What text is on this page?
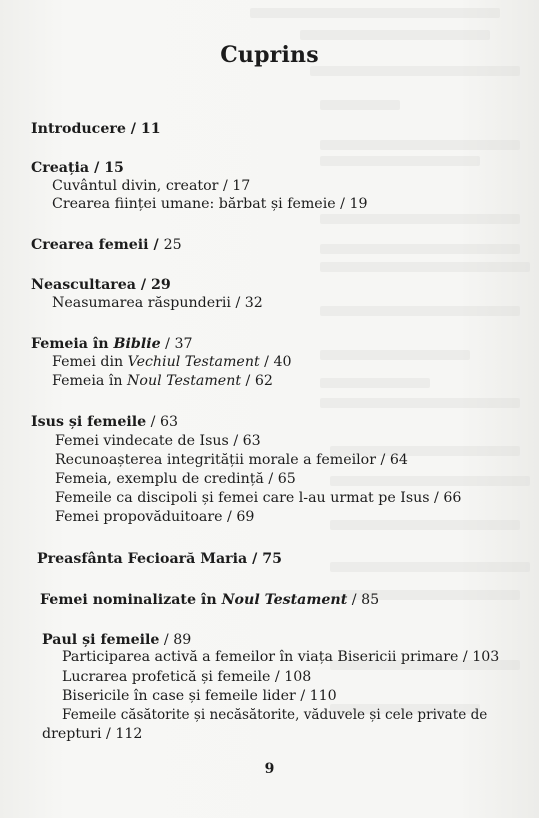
Cuprins
Introducere / 11
Creația / 15
Cuvântul divin, creator / 17
Crearea ființei umane: bărbat și femeie / 19
Crearea femeii / 25
Neascultarea / 29
Neasumarea răspunderii / 32
Femeia în Biblie / 37
Femei din Vechiul Testament / 40
Femeia în Noul Testament / 62
Isus și femeile / 63
Femei vindecate de Isus / 63
Recunoașterea integrității morale a femeilor / 64
Femeia, exemplu de credință / 65
Femeile ca discipoli și femei care l-au urmat pe Isus / 66
Femei propovăduitoare / 69
Preasfânta Fecioară Maria / 75
Femei nominalizate în Noul Testament / 85
Paul și femeile / 89
Participarea activă a femeilor în viața Bisericii primare / 103
Lucrarea profetică și femeile / 108
Bisericile în case și femeile lider / 110
Femeile căsătorite și necăsătorite, văduvele și cele private de
drepturi / 112
9
